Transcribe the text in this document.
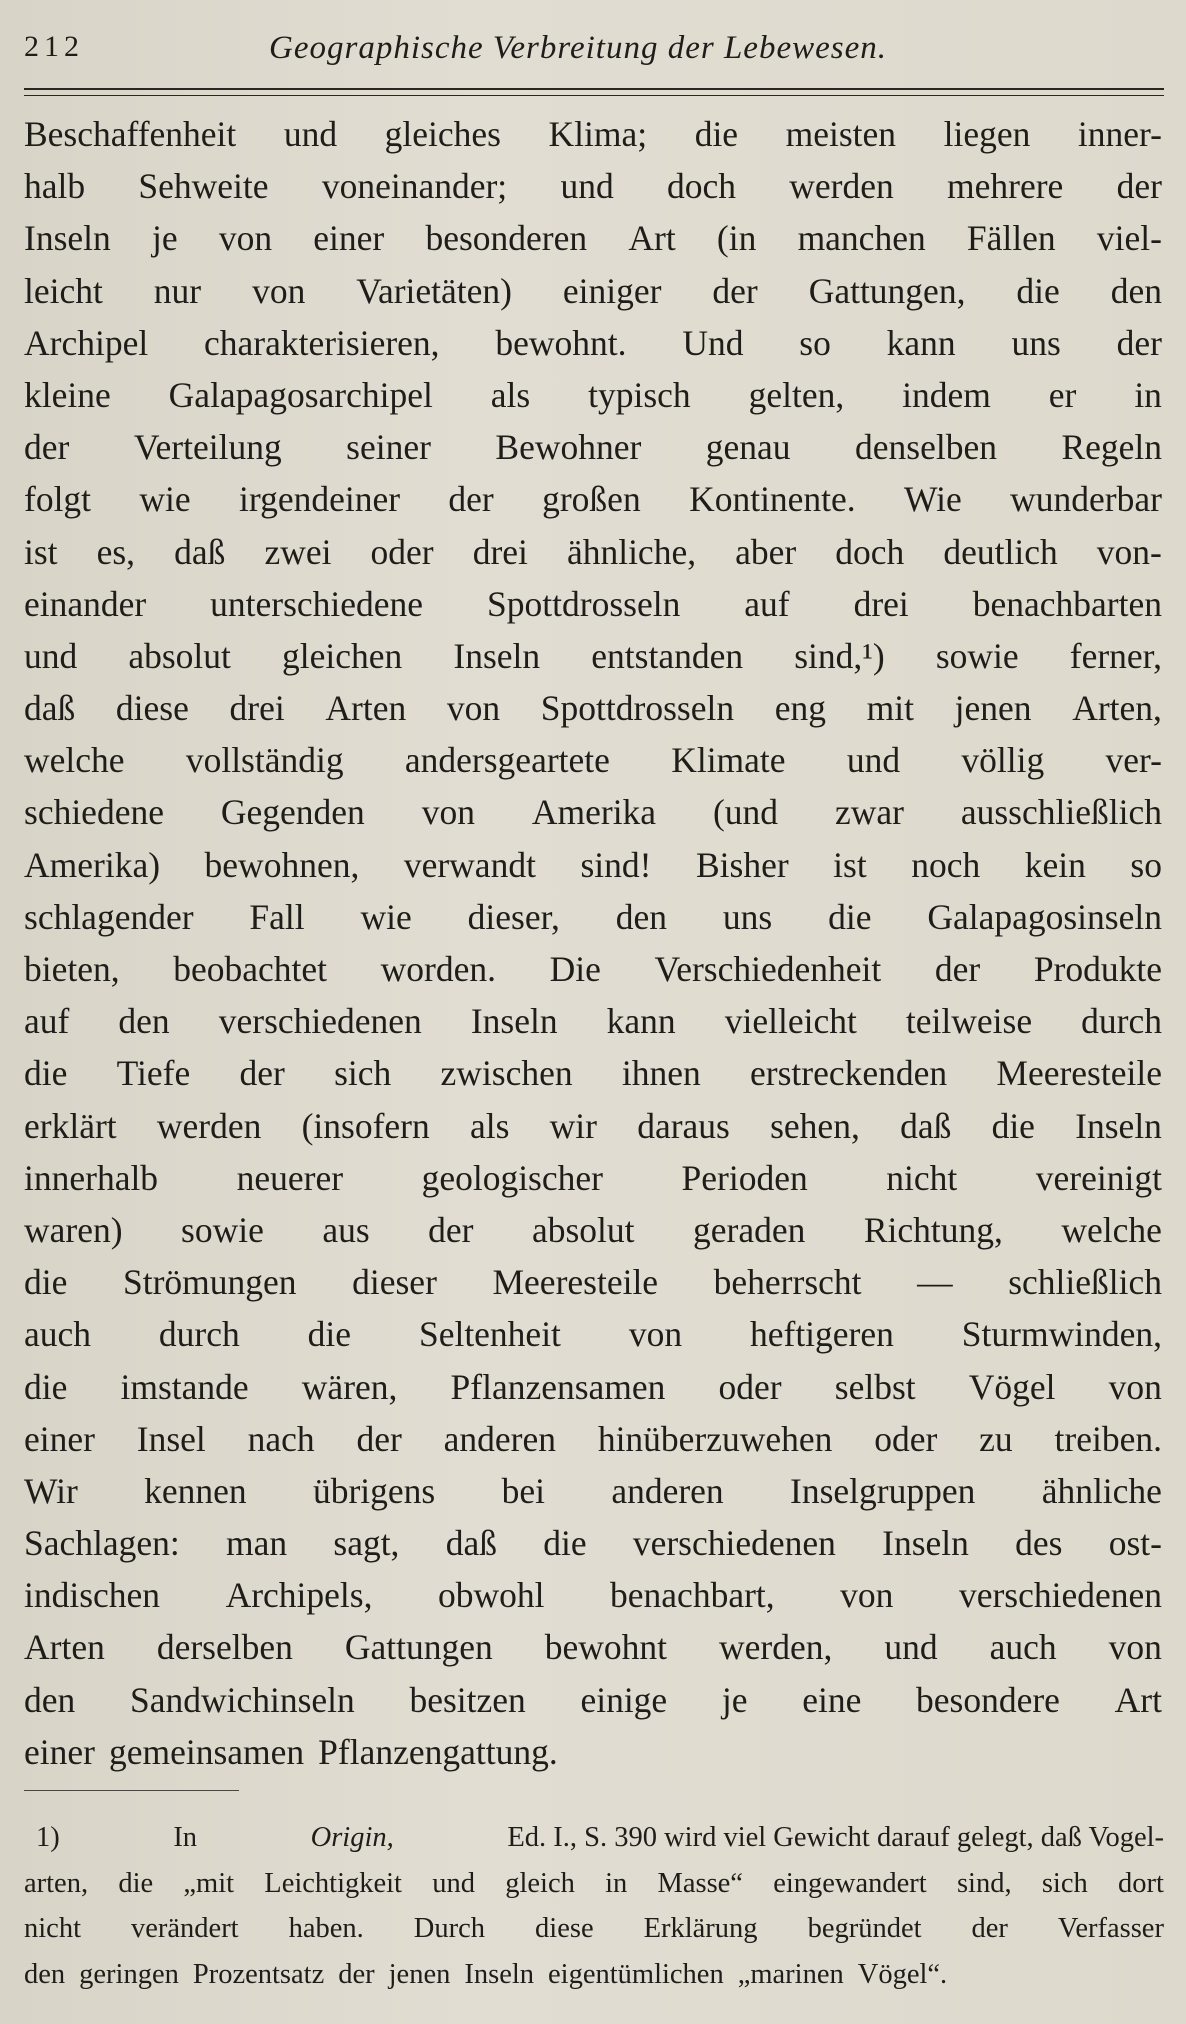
212	Geographische Verbreitung der Lebewesen.
Beschaffenheit und gleiches Klima; die meisten liegen inner-
halb Sehweite voneinander; und doch werden mehrere der
Inseln je von einer besonderen Art (in manchen Fällen viel-
leicht nur von Varietäten) einiger der Gattungen, die den
Archipel charakterisieren, bewohnt. Und so kann uns der
kleine Galapagosarchipel als typisch gelten, indem er in
der Verteilung seiner Bewohner genau denselben Regeln
folgt wie irgendeiner der großen Kontinente. Wie wunderbar
ist es, daß zwei oder drei ähnliche, aber doch deutlich von-
einander unterschiedene Spottdrosseln auf drei benachbarten
und absolut gleichen Inseln entstanden sind,¹) sowie ferner,
daß diese drei Arten von Spottdrosseln eng mit jenen Arten,
welche vollständig andersgeartete Klimate und völlig ver-
schiedene Gegenden von Amerika (und zwar ausschließlich
Amerika) bewohnen, verwandt sind! Bisher ist noch kein so
schlagender Fall wie dieser, den uns die Galapagosinseln
bieten, beobachtet worden. Die Verschiedenheit der Produkte
auf den verschiedenen Inseln kann vielleicht teilweise durch
die Tiefe der sich zwischen ihnen erstreckenden Meeresteile
erklärt werden (insofern als wir daraus sehen, daß die Inseln
innerhalb neuerer geologischer Perioden nicht vereinigt
waren) sowie aus der absolut geraden Richtung, welche
die Strömungen dieser Meeresteile beherrscht — schließlich
auch durch die Seltenheit von heftigeren Sturmwinden,
die imstande wären, Pflanzensamen oder selbst Vögel von
einer Insel nach der anderen hinüberzuwehen oder zu treiben.
Wir kennen übrigens bei anderen Inselgruppen ähnliche
Sachlagen: man sagt, daß die verschiedenen Inseln des ost-
indischen Archipels, obwohl benachbart, von verschiedenen
Arten derselben Gattungen bewohnt werden, und auch von
den Sandwichinseln besitzen einige je eine besondere Art
einer gemeinsamen Pflanzengattung.
1)	In	Origin,	Ed. I., S. 390 wird viel Gewicht darauf gelegt, daß Vogel-
arten, die „mit Leichtigkeit und gleich in Masse“ eingewandert sind, sich dort
nicht verändert haben. Durch diese Erklärung begründet der Verfasser
den geringen Prozentsatz der jenen Inseln eigentümlichen „marinen Vögel“.
